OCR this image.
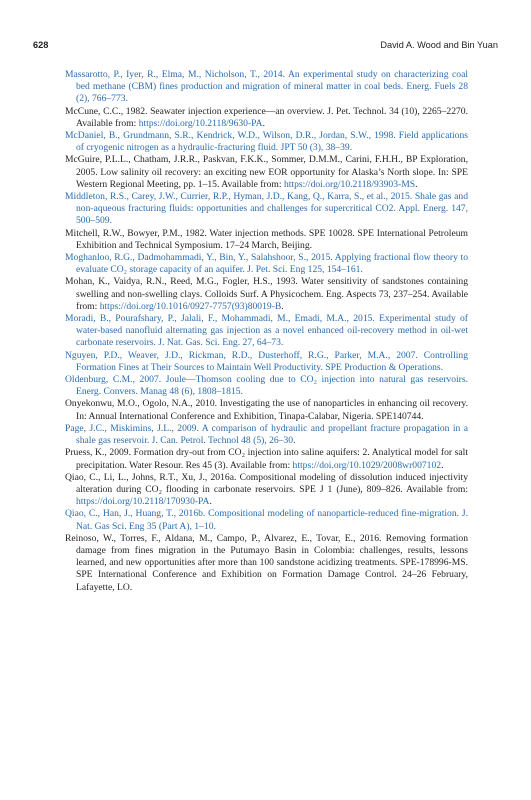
628	David A. Wood and Bin Yuan

Massarotto, P., Iyer, R., Elma, M., Nicholson, T., 2014. An experimental study on characterizing coal bed methane (CBM) fines production and migration of mineral matter in coal beds. Energ. Fuels 28 (2), 766–773.

McCune, C.C., 1982. Seawater injection experience—an overview. J. Pet. Technol. 34 (10), 2265–2270. Available from: https://doi.org/10.2118/9630-PA.

McDaniel, B., Grundmann, S.R., Kendrick, W.D., Wilson, D.R., Jordan, S.W., 1998. Field applications of cryogenic nitrogen as a hydraulic-fracturing fluid. JPT 50 (3), 38–39.

McGuire, P.L.L., Chatham, J.R.R., Paskvan, F.K.K., Sommer, D.M.M., Carini, F.H.H., BP Exploration, 2005. Low salinity oil recovery: an exciting new EOR opportunity for Alaska’s North slope. In: SPE Western Regional Meeting, pp. 1–15. Available from: https://doi.org/10.2118/93903-MS.

Middleton, R.S., Carey, J.W., Currier, R.P., Hyman, J.D., Kang, Q., Karra, S., et al., 2015. Shale gas and non-aqueous fracturing fluids: opportunities and challenges for supercritical CO2. Appl. Energ. 147, 500–509.

Mitchell, R.W., Bowyer, P.M., 1982. Water injection methods. SPE 10028. SPE International Petroleum Exhibition and Technical Symposium. 17–24 March, Beijing.

Moghanloo, R.G., Dadmohammadi, Y., Bin, Y., Salahshoor, S., 2015. Applying fractional flow theory to evaluate CO₂ storage capacity of an aquifer. J. Pet. Sci. Eng 125, 154–161.

Mohan, K., Vaidya, R.N., Reed, M.G., Fogler, H.S., 1993. Water sensitivity of sandstones containing swelling and non-swelling clays. Colloids Surf. A Physicochem. Eng. Aspects 73, 237–254. Available from: https://doi.org/10.1016/0927-7757(93)80019-B.

Moradi, B., Pourafshary, P., Jalali, F., Mohammadi, M., Emadi, M.A., 2015. Experimental study of water-based nanofluid alternating gas injection as a novel enhanced oil-recovery method in oil-wet carbonate reservoirs. J. Nat. Gas. Sci. Eng. 27, 64–73.

Nguyen, P.D., Weaver, J.D., Rickman, R.D., Dusterhoff, R.G., Parker, M.A., 2007. Controlling Formation Fines at Their Sources to Maintain Well Productivity. SPE Production & Operations.

Oldenburg, C.M., 2007. Joule—Thomson cooling due to CO₂ injection into natural gas reservoirs. Energ. Convers. Manag 48 (6), 1808–1815.

Onyekonwu, M.O., Ogolo, N.A., 2010. Investigating the use of nanoparticles in enhancing oil recovery. In: Annual International Conference and Exhibition, Tinapa-Calabar, Nigeria. SPE140744.

Page, J.C., Miskimins, J.L., 2009. A comparison of hydraulic and propellant fracture propagation in a shale gas reservoir. J. Can. Petrol. Technol 48 (5), 26–30.

Pruess, K., 2009. Formation dry-out from CO₂ injection into saline aquifers: 2. Analytical model for salt precipitation. Water Resour. Res 45 (3). Available from: https://doi.org/10.1029/2008wr007102.

Qiao, C., Li, L., Johns, R.T., Xu, J., 2016a. Compositional modeling of dissolution induced injectivity alteration during CO₂ flooding in carbonate reservoirs. SPE J 1 (June), 809–826. Available from: https://doi.org/10.2118/170930-PA.

Qiao, C., Han, J., Huang, T., 2016b. Compositional modeling of nanoparticle-reduced fine-migration. J. Nat. Gas Sci. Eng 35 (Part A), 1–10.

Reinoso, W., Torres, F., Aldana, M., Campo, P., Alvarez, E., Tovar, E., 2016. Removing formation damage from fines migration in the Putumayo Basin in Colombia: challenges, results, lessons learned, and new opportunities after more than 100 sandstone acidizing treatments. SPE-178996-MS. SPE International Conference and Exhibition on Formation Damage Control. 24–26 February, Lafayette, LO.
